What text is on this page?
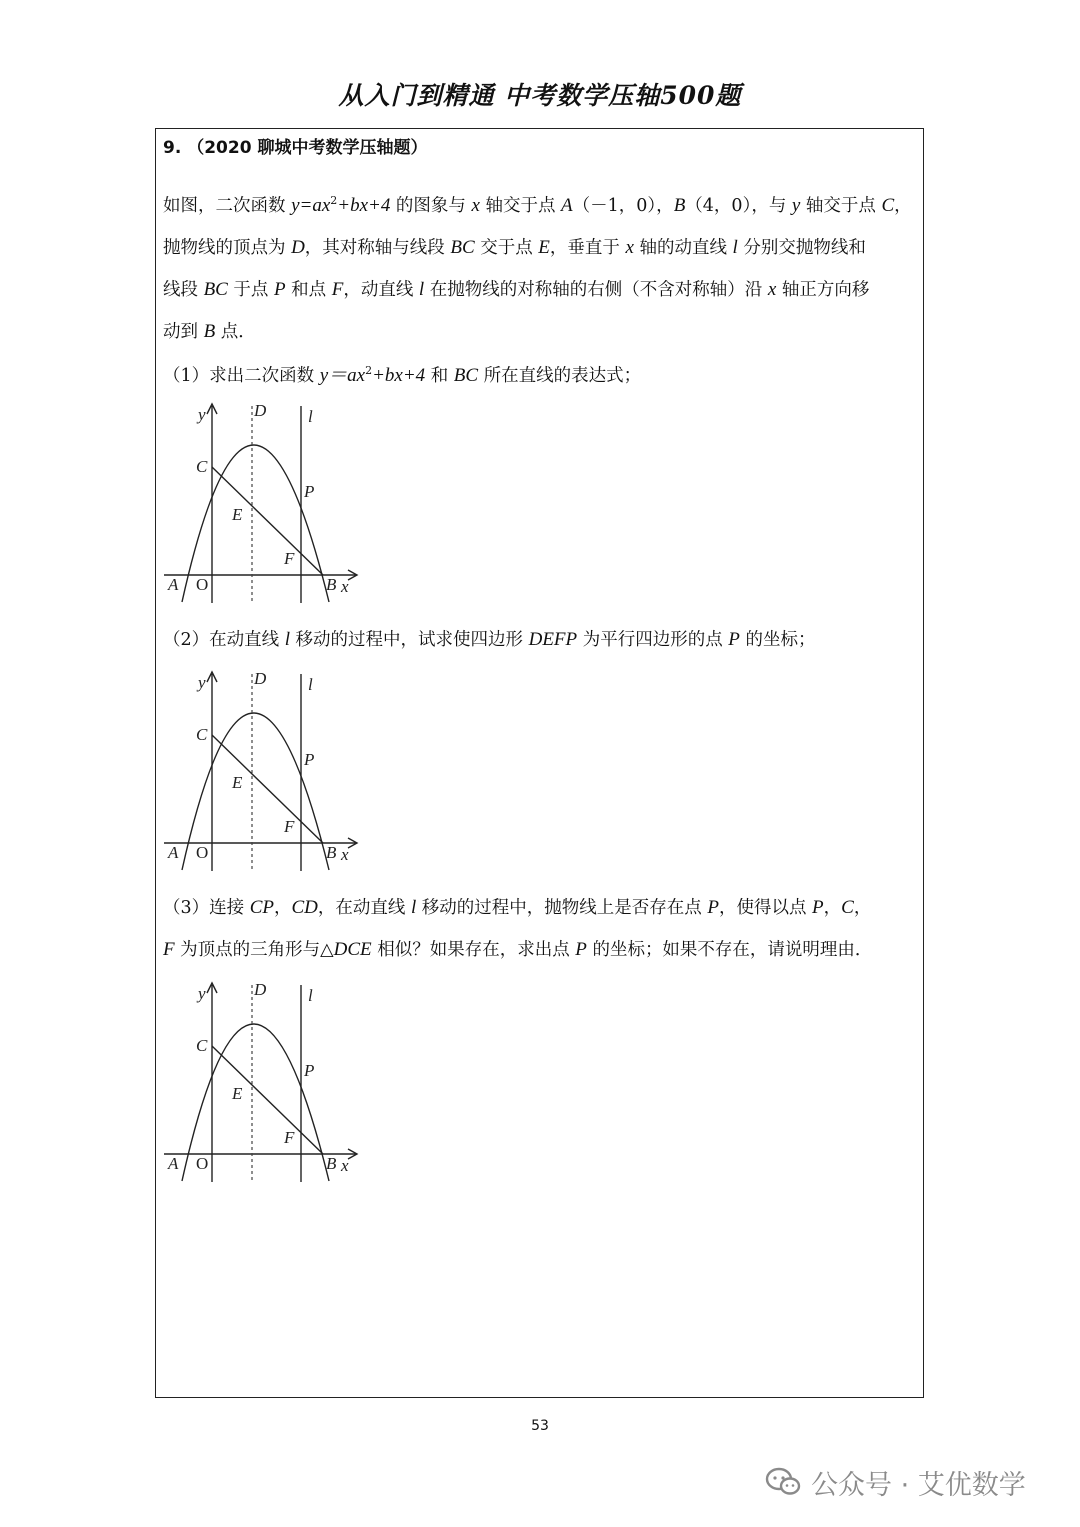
从入门到精通 中考数学压轴500题
9. （2020 聊城中考数学压轴题）
如图，二次函数 $y=ax^2+bx+4$ 的图象与 x 轴交于点 A（－1，0），B（4，0），与 y 轴交于点 C，
抛物线的顶点为 D，其对称轴与线段 BC 交于点 E，垂直于 x 轴的动直线 l 分别交抛物线和
线段 BC 于点 P 和点 F，动直线 l 在抛物线的对称轴的右侧（不含对称轴）沿 x 轴正方向移
动到 B 点．
（1）求出二次函数 $y=ax^2+bx+4$ 和 BC 所在直线的表达式；
y	D l
C
P
E
F
A O	B x
（2）在动直线 l 移动的过程中，试求使四边形 DEFP 为平行四边形的点 P 的坐标；
y	D l
C
P
E
F
A O	B x
（3）连接 CP，CD，在动直线 l 移动的过程中，抛物线上是否存在点 P，使得以点 P，C，
F 为顶点的三角形与△DCE 相似？如果存在，求出点 P 的坐标；如果不存在，请说明理由．
y	D l
C
P
E
F
A O	B x
53
公众号 · 艾优数学
